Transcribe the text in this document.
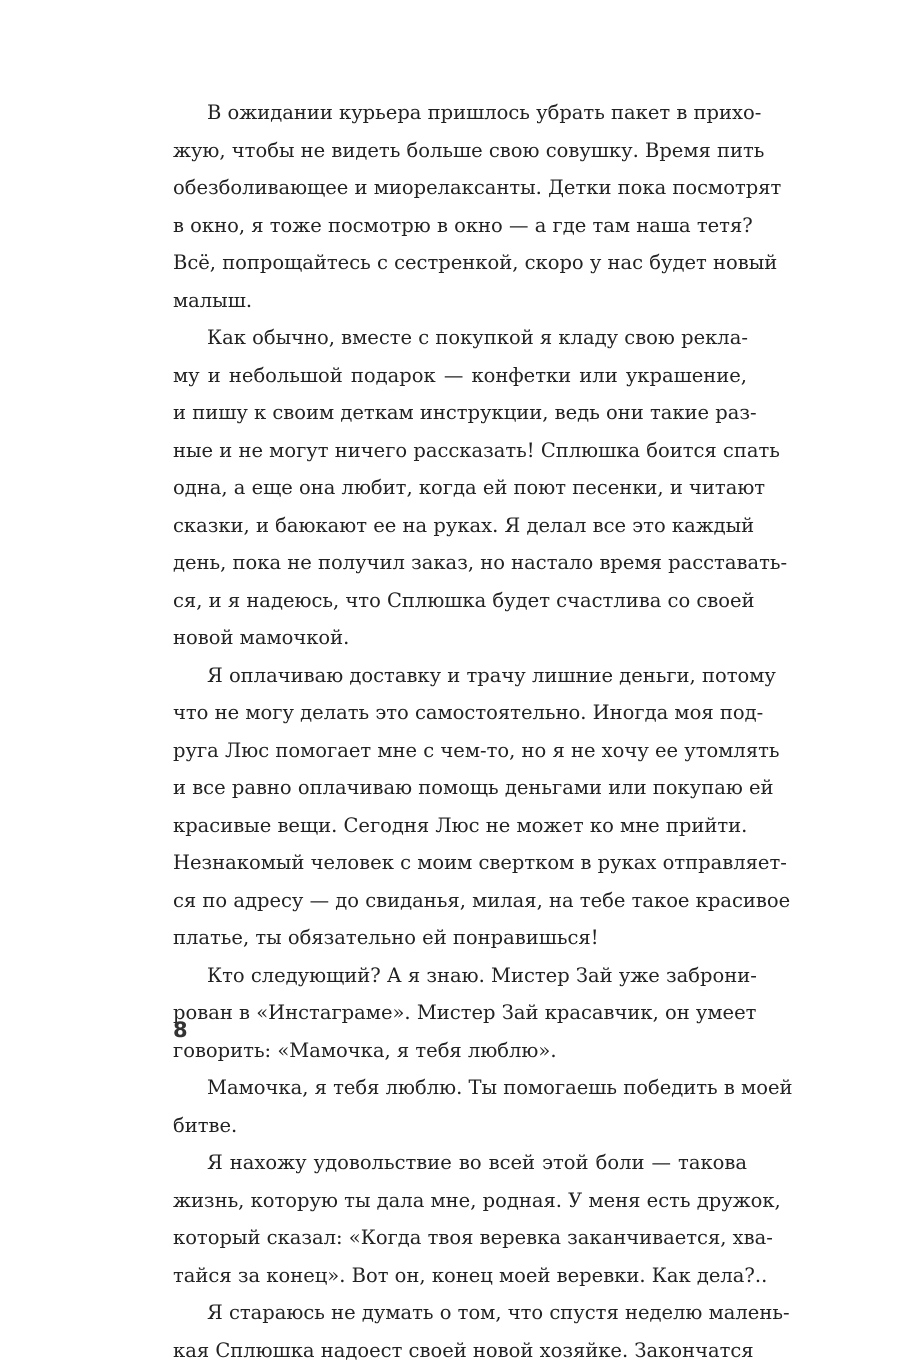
В ожидании курьера пришлось убрать пакет в прихо-
жую, чтобы не видеть больше свою совушку. Время пить
обезболивающее и миорелаксанты. Детки пока посмотрят
в окно, я тоже посмотрю в окно — а где там наша тетя?
Всё, попрощайтесь с сестренкой, скоро у нас будет новый
малыш.
Как обычно, вместе с покупкой я кладу свою рекла-
му и небольшой подарок — конфетки или украшение,
и пишу к своим деткам инструкции, ведь они такие раз-
ные и не могут ничего рассказать! Сплюшка боится спать
одна, а еще она любит, когда ей поют песенки, и читают
сказки, и баюкают ее на руках. Я делал все это каждый
день, пока не получил заказ, но настало время расставать-
ся, и я надеюсь, что Сплюшка будет счастлива со своей
новой мамочкой.
Я оплачиваю доставку и трачу лишние деньги, потому
что не могу делать это самостоятельно. Иногда моя под-
руга Люс помогает мне с чем-то, но я не хочу ее утомлять
и все равно оплачиваю помощь деньгами или покупаю ей
красивые вещи. Сегодня Люс не может ко мне прийти.
Незнакомый человек с моим свертком в руках отправляет-
ся по адресу — до свиданья, милая, на тебе такое красивое
платье, ты обязательно ей понравишься!
Кто следующий? А я знаю. Мистер Зай уже заброни-
рован в «Инстаграме». Мистер Зай красавчик, он умеет
говорить: «Мамочка, я тебя люблю».
Мамочка, я тебя люблю. Ты помогаешь победить в моей
битве.
Я нахожу удовольствие во всей этой боли — такова
жизнь, которую ты дала мне, родная. У меня есть дружок,
который сказал: «Когда твоя веревка заканчивается, хва-
тайся за конец». Вот он, конец моей веревки. Как дела?..
Я стараюсь не думать о том, что спустя неделю малень-
кая Сплюшка надоест своей новой хозяйке. Закончатся
8
